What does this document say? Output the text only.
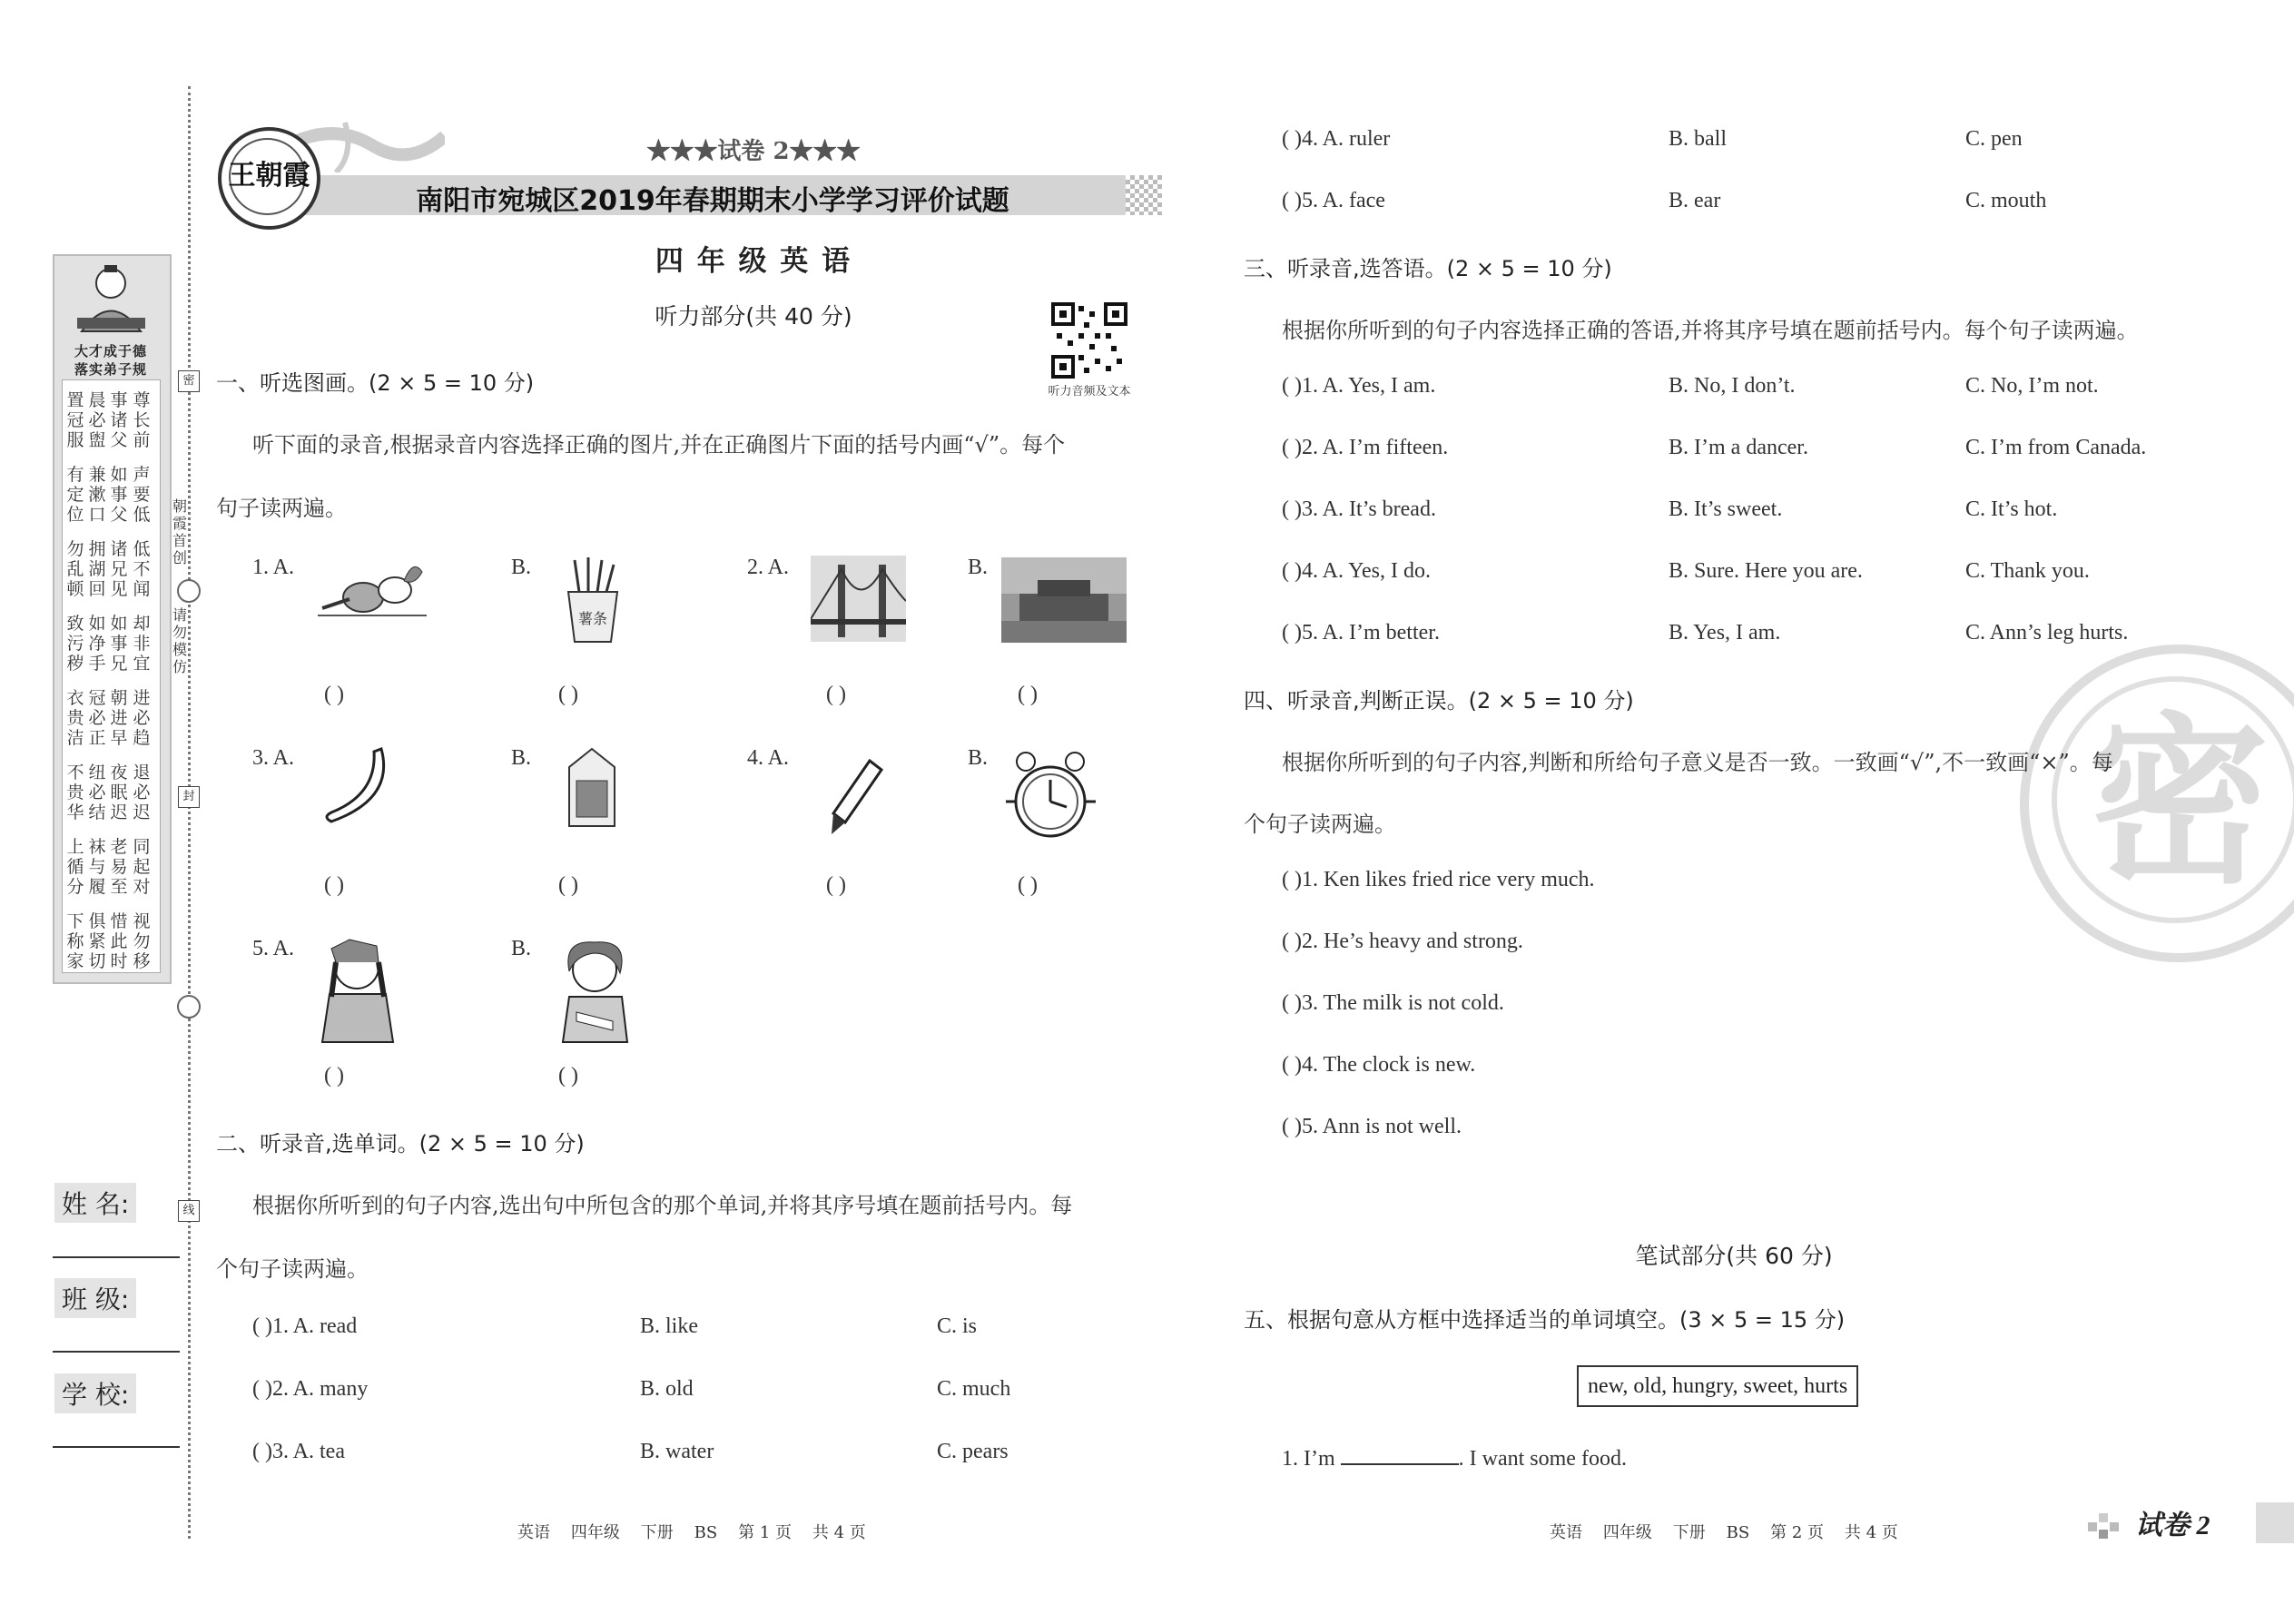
大才成于德
落实弟子规
置
冠
服
晨
必
盥
事
诸
父
尊
长
前
有
定
位
兼
漱
口
如
事
父
声
要
低
勿
乱
顿
拥
湖
回
诸
兄
见
低
不
闻
致
污
秽
如
净
手
如
事
兄
却
非
宜
衣
贵
洁
冠
必
正
朝
进
早
进
必
趋
不
贵
华
纽
必
结
夜
眠
迟
退
必
迟
上
循
分
袜
与
履
老
易
至
同
起
对
下
称
家
俱
紧
切
惜
此
时
视
勿
移
朝霞首创
请勿模仿
密
封
线
姓 名:
班 级:
学 校:
王朝霞
★★★试卷 2★★★
南阳市宛城区2019年春期期末小学学习评价试题
四 年 级 英 语
听力部分(共 40 分)
听力音频及文本
一、听选图画。(2 × 5 = 10 分)
听下面的录音,根据录音内容选择正确的图片,并在正确图片下面的括号内画“√”。每个
句子读两遍。
1. A.	B.	2. A.	B.
3. A.	B.	4. A.	B.
5. A.	B.
薯条
( )	( )	( )	( )
( )	( )	( )	( )
( )	( )
二、听录音,选单词。(2 × 5 = 10 分)
根据你所听到的句子内容,选出句中所包含的那个单词,并将其序号填在题前括号内。每
个句子读两遍。
( )1. A. read	B. like	C. is
( )2. A. many	B. old	C. much
( )3. A. tea	B. water	C. pears
英语    四年级    下册    BS    第 1 页    共 4 页
密
( )4. A. ruler	B. ball	C. pen
( )5. A. face	B. ear	C. mouth
三、听录音,选答语。(2 × 5 = 10 分)
根据你所听到的句子内容选择正确的答语,并将其序号填在题前括号内。每个句子读两遍。
( )1. A. Yes, I am.	B. No, I don’t.	C. No, I’m not.
( )2. A. I’m fifteen.	B. I’m a dancer.	C. I’m from Canada.
( )3. A. It’s bread.	B. It’s sweet.	C. It’s hot.
( )4. A. Yes, I do.	B. Sure. Here you are.	C. Thank you.
( )5. A. I’m better.	B. Yes, I am.	C. Ann’s leg hurts.
四、听录音,判断正误。(2 × 5 = 10 分)
根据你所听到的句子内容,判断和所给句子意义是否一致。一致画“√”,不一致画“×”。每
个句子读两遍。
( )1. Ken likes fried rice very much.
( )2. He’s heavy and strong.
( )3. The milk is not cold.
( )4. The clock is new.
( )5. Ann is not well.
笔试部分(共 60 分)
五、根据句意从方框中选择适当的单词填空。(3 × 5 = 15 分)
new, old, hungry, sweet, hurts
1. I’m	. I want some food.
英语    四年级    下册    BS    第 2 页    共 4 页	试卷 2
